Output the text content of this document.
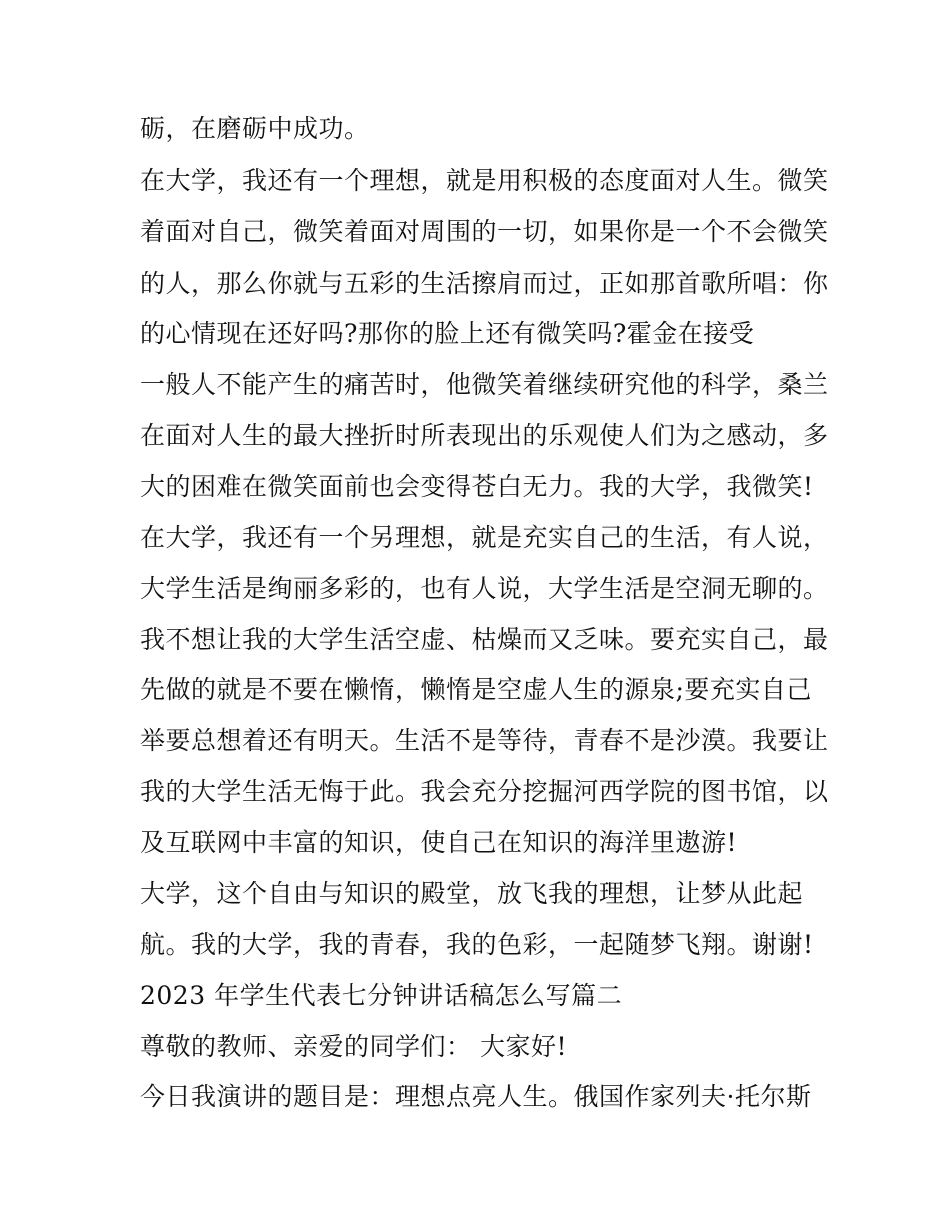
砺，在磨砺中成功。
在大学，我还有一个理想，就是用积极的态度面对人生。微笑
着面对自己，微笑着面对周围的一切，如果你是一个不会微笑
的人，那么你就与五彩的生活擦肩而过，正如那首歌所唱：你
的心情现在还好吗?那你的脸上还有微笑吗?霍金在接受
一般人不能产生的痛苦时，他微笑着继续研究他的科学，桑兰
在面对人生的最大挫折时所表现出的乐观使人们为之感动，多
大的困难在微笑面前也会变得苍白无力。我的大学，我微笑!
在大学，我还有一个另理想，就是充实自己的生活，有人说，
大学生活是绚丽多彩的，也有人说，大学生活是空洞无聊的。
我不想让我的大学生活空虚、枯燥而又乏味。要充实自己，最
先做的就是不要在懒惰，懒惰是空虚人生的源泉;要充实自己
举要总想着还有明天。生活不是等待，青春不是沙漠。我要让
我的大学生活无悔于此。我会充分挖掘河西学院的图书馆，以
及互联网中丰富的知识，使自己在知识的海洋里遨游!
大学，这个自由与知识的殿堂，放飞我的理想，让梦从此起
航。我的大学，我的青春，我的色彩，一起随梦飞翔。谢谢!
2023 年学生代表七分钟讲话稿怎么写篇二
尊敬的教师、亲爱的同学们： 大家好!
今日我演讲的题目是：理想点亮人生。俄国作家列夫·托尔斯
